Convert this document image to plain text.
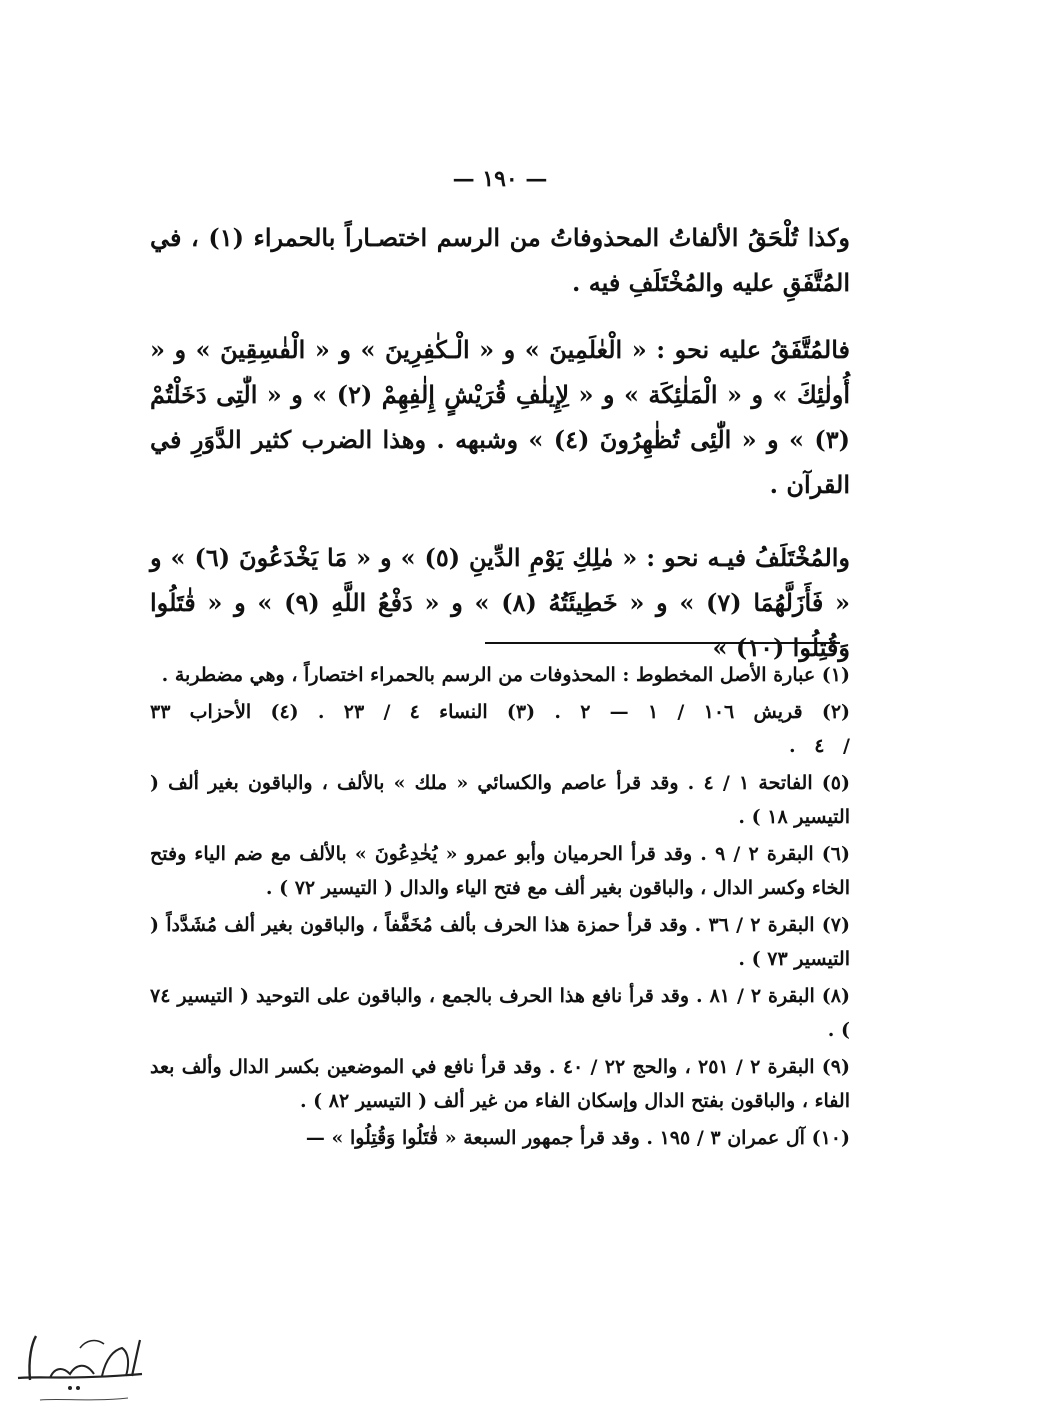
— ١٩٠ —
وكذا تُلْحَقُ الألفاتُ المحذوفاتُ من الرسم اختصـاراً بالحمراء (١) ، في المُتَّفَقِ عليه والمُخْتَلَفِ فيه .
فالمُتَّفَقُ عليه نحو : « الْعٰلَمِينَ » و « الْـكٰفِرِينَ » و « الْفٰسِقِينَ » و « أُولٰئِكَ » و « الْمَلٰئِكَة » و « لِإِيلٰفِ قُرَيْشٍ إِلٰفِهِمْ (٢) » و « الّٰتِى دَخَلْتُمْ (٣) » و « الّٰئِى تُظٰهِرُونَ (٤) » وشبهه . وهذا الضرب كثير الدَّوَرِ في القرآن .
والمُخْتَلَفُ فيـه نحو : « مٰلِكِ يَوْمِ الدِّينِ (٥) » و « مَا يَخْدَعُونَ (٦) » و « فَأَزَلَّهُمَا (٧) » و « خَطِيئَتُهُ (٨) » و « دَفْعُ اللَّهِ (٩) » و « قٰتَلُوا وَقُتِلُوا (١٠) »

(١) عبارة الأصل المخطوط : المحذوفات من الرسم بالحمراء اختصاراً ، وهي مضطربة .

(٢) قريش ١٠٦ / ١ — ٢ . (٣) النساء ٤ / ٢٣ . (٤) الأحزاب ٣٣ / ٤ .

(٥) الفاتحة ١ / ٤ . وقد قرأ عاصم والكسائي « ملك » بالألف ، والباقون بغير ألف ( التيسير ١٨ ) .

(٦) البقرة ٢ / ٩ . وقد قرأ الحرميان وأبو عمرو « يُخٰدِعُونَ » بالألف مع ضم الياء وفتح الخاء وكسر الدال ، والباقون بغير ألف مع فتح الياء والدال ( التيسير ٧٢ ) .

(٧) البقرة ٢ / ٣٦ . وقد قرأ حمزة هذا الحرف بألف مُخَفَّفاً ، والباقون بغير ألف مُشَدَّداً ( التيسير ٧٣ ) .

(٨) البقرة ٢ / ٨١ . وقد قرأ نافع هذا الحرف بالجمع ، والباقون على التوحيد ( التيسير ٧٤ ) .

(٩) البقرة ٢ / ٢٥١ ، والحج ٢٢ / ٤٠ . وقد قرأ نافع في الموضعين بكسر الدال وألف بعد الفاء ، والباقون بفتح الدال وإسكان الفاء من غير ألف ( التيسير ٨٢ ) .

(١٠) آل عمران ٣ / ١٩٥ . وقد قرأ جمهور السبعة « قٰتَلُوا وَقُتِلُوا » —
